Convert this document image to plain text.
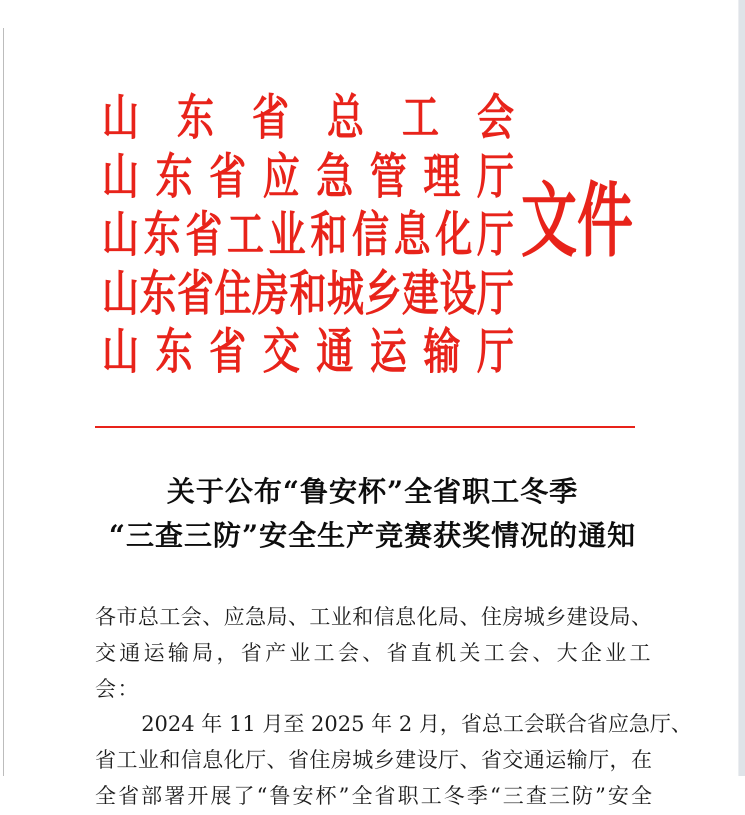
山东省总工会
山东省应急管理厅
山东省工业和信息化厅
山东省住房和城乡建设厅
山东省交通运输厅
文件
关于公布“鲁安杯”全省职工冬季
“三查三防”安全生产竞赛获奖情况的通知
各市总工会、应急局、工业和信息化局、住房城乡建设局、
交通运输局，省产业工会、省直机关工会、大企业工会：
2024 年 11 月至 2025 年 2 月，省总工会联合省应急厅、
省工业和信息化厅、省住房城乡建设厅、省交通运输厅，在
全省部署开展了“鲁安杯”全省职工冬季“三查三防”安全
